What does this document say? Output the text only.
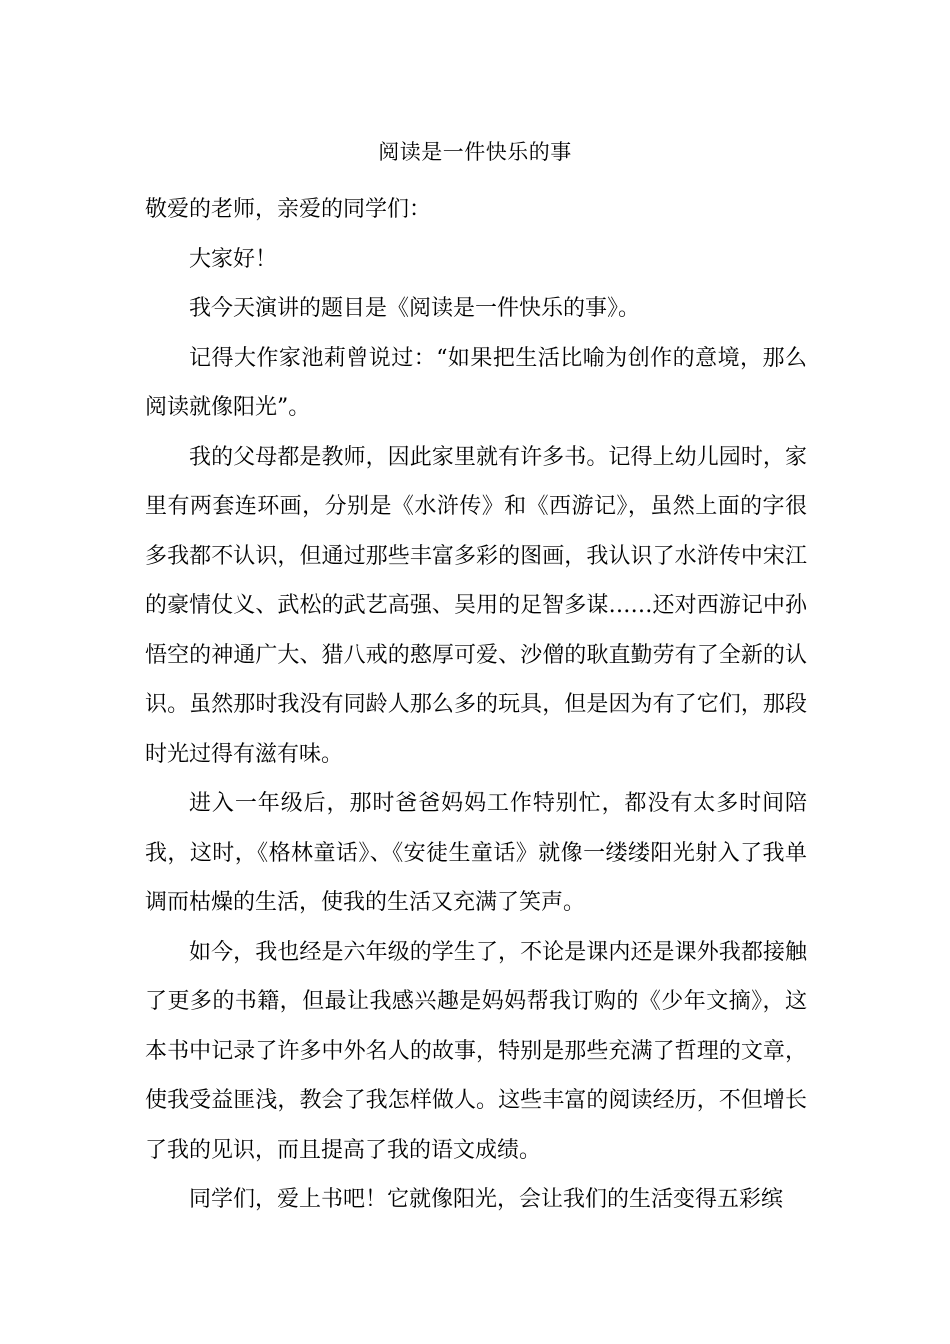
阅读是一件快乐的事

敬爱的老师，亲爱的同学们：

大家好！

我今天演讲的题目是《阅读是一件快乐的事》。

记得大作家池莉曾说过：“如果把生活比喻为创作的意境，那么阅读就像阳光”。

我的父母都是教师，因此家里就有许多书。记得上幼儿园时，家里有两套连环画，分别是《水浒传》和《西游记》，虽然上面的字很多我都不认识，但通过那些丰富多彩的图画，我认识了水浒传中宋江的豪情仗义、武松的武艺高强、吴用的足智多谋……还对西游记中孙悟空的神通广大、猎八戒的憨厚可爱、沙僧的耿直勤劳有了全新的认识。虽然那时我没有同龄人那么多的玩具，但是因为有了它们，那段时光过得有滋有味。

进入一年级后，那时爸爸妈妈工作特别忙，都没有太多时间陪我，这时，《格林童话》、《安徒生童话》就像一缕缕阳光射入了我单调而枯燥的生活，使我的生活又充满了笑声。

如今，我也经是六年级的学生了，不论是课内还是课外我都接触了更多的书籍，但最让我感兴趣是妈妈帮我订购的《少年文摘》，这本书中记录了许多中外名人的故事，特别是那些充满了哲理的文章，使我受益匪浅，教会了我怎样做人。这些丰富的阅读经历，不但增长了我的见识，而且提高了我的语文成绩。

同学们，爱上书吧！它就像阳光，会让我们的生活变得五彩缤
